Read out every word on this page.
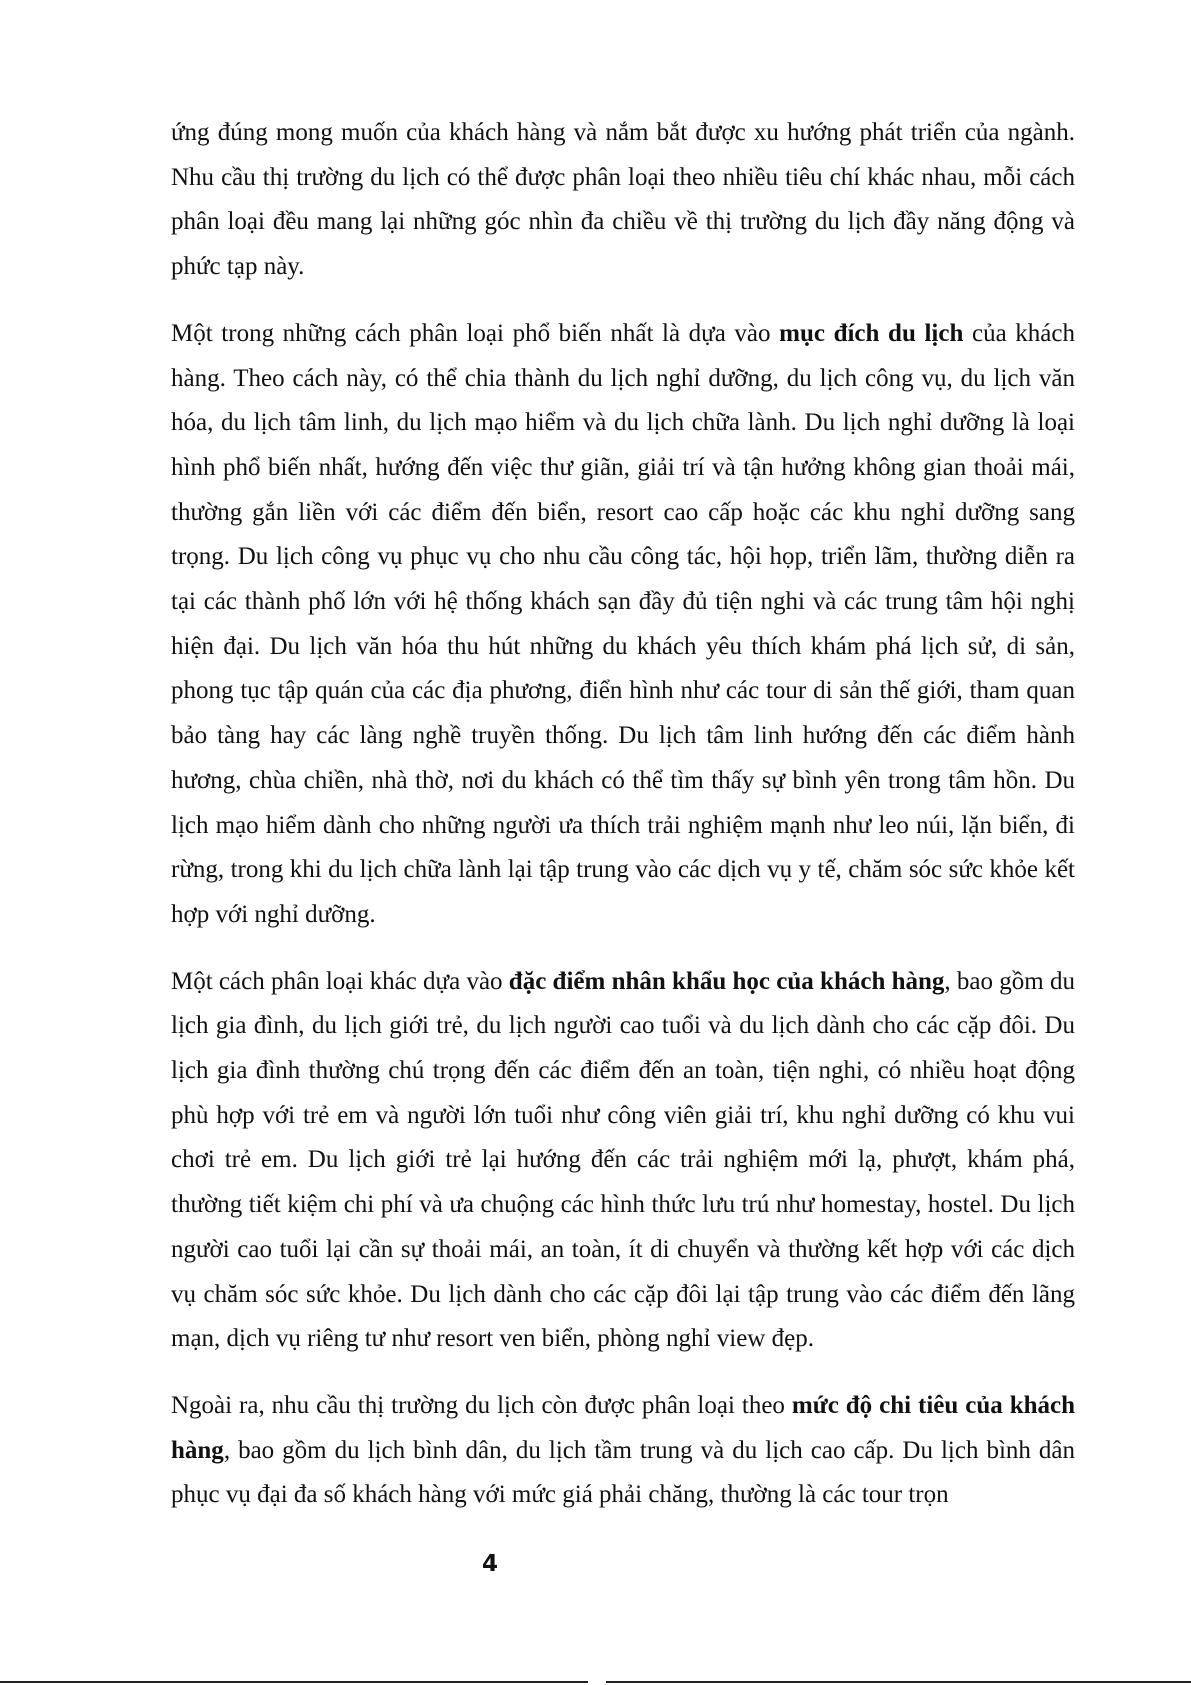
ứng đúng mong muốn của khách hàng và nắm bắt được xu hướng phát triển của ngành. Nhu cầu thị trường du lịch có thể được phân loại theo nhiều tiêu chí khác nhau, mỗi cách phân loại đều mang lại những góc nhìn đa chiều về thị trường du lịch đầy năng động và phức tạp này.

Một trong những cách phân loại phổ biến nhất là dựa vào mục đích du lịch của khách hàng. Theo cách này, có thể chia thành du lịch nghỉ dưỡng, du lịch công vụ, du lịch văn hóa, du lịch tâm linh, du lịch mạo hiểm và du lịch chữa lành. Du lịch nghỉ dưỡng là loại hình phổ biến nhất, hướng đến việc thư giãn, giải trí và tận hưởng không gian thoải mái, thường gắn liền với các điểm đến biển, resort cao cấp hoặc các khu nghỉ dưỡng sang trọng. Du lịch công vụ phục vụ cho nhu cầu công tác, hội họp, triển lãm, thường diễn ra tại các thành phố lớn với hệ thống khách sạn đầy đủ tiện nghi và các trung tâm hội nghị hiện đại. Du lịch văn hóa thu hút những du khách yêu thích khám phá lịch sử, di sản, phong tục tập quán của các địa phương, điển hình như các tour di sản thế giới, tham quan bảo tàng hay các làng nghề truyền thống. Du lịch tâm linh hướng đến các điểm hành hương, chùa chiền, nhà thờ, nơi du khách có thể tìm thấy sự bình yên trong tâm hồn. Du lịch mạo hiểm dành cho những người ưa thích trải nghiệm mạnh như leo núi, lặn biển, đi rừng, trong khi du lịch chữa lành lại tập trung vào các dịch vụ y tế, chăm sóc sức khỏe kết hợp với nghỉ dưỡng.

Một cách phân loại khác dựa vào đặc điểm nhân khẩu học của khách hàng, bao gồm du lịch gia đình, du lịch giới trẻ, du lịch người cao tuổi và du lịch dành cho các cặp đôi. Du lịch gia đình thường chú trọng đến các điểm đến an toàn, tiện nghi, có nhiều hoạt động phù hợp với trẻ em và người lớn tuổi như công viên giải trí, khu nghỉ dưỡng có khu vui chơi trẻ em. Du lịch giới trẻ lại hướng đến các trải nghiệm mới lạ, phượt, khám phá, thường tiết kiệm chi phí và ưa chuộng các hình thức lưu trú như homestay, hostel. Du lịch người cao tuổi lại cần sự thoải mái, an toàn, ít di chuyển và thường kết hợp với các dịch vụ chăm sóc sức khỏe. Du lịch dành cho các cặp đôi lại tập trung vào các điểm đến lãng mạn, dịch vụ riêng tư như resort ven biển, phòng nghỉ view đẹp.

Ngoài ra, nhu cầu thị trường du lịch còn được phân loại theo mức độ chi tiêu của khách hàng, bao gồm du lịch bình dân, du lịch tầm trung và du lịch cao cấp. Du lịch bình dân phục vụ đại đa số khách hàng với mức giá phải chăng, thường là các tour trọn

4
